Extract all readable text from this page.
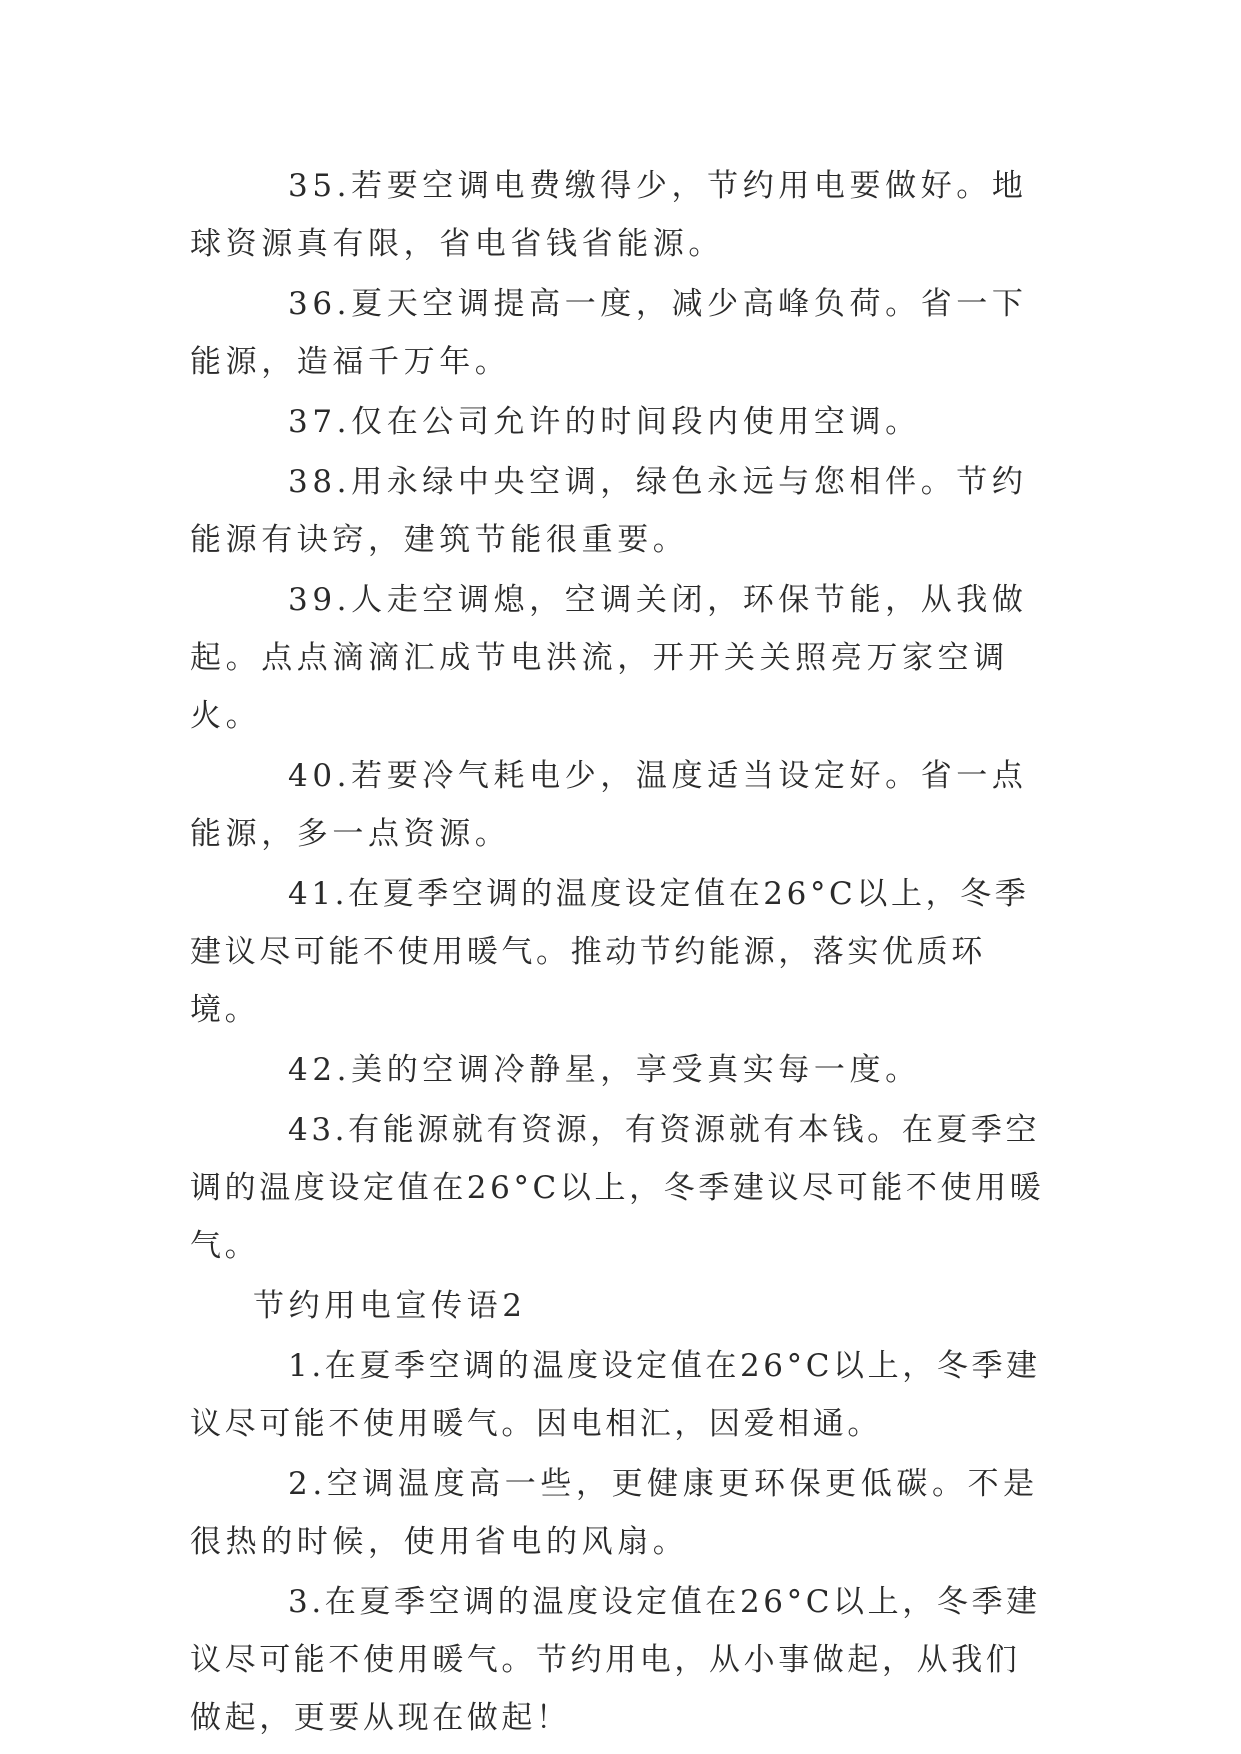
35.若要空调电费缴得少，节约用电要做好。地球资源真有限，省电省钱省能源。

36.夏天空调提高一度，减少高峰负荷。省一下能源，造福千万年。

37.仅在公司允许的时间段内使用空调。

38.用永绿中央空调，绿色永远与您相伴。节约能源有诀窍，建筑节能很重要。

39.人走空调熄，空调关闭，环保节能，从我做起。点点滴滴汇成节电洪流，开开关关照亮万家空调火。

40.若要冷气耗电少，温度适当设定好。省一点能源，多一点资源。

41.在夏季空调的温度设定值在26°C以上，冬季建议尽可能不使用暖气。推动节约能源，落实优质环境。

42.美的空调冷静星，享受真实每一度。

43.有能源就有资源，有资源就有本钱。在夏季空调的温度设定值在26°C以上，冬季建议尽可能不使用暖气。

节约用电宣传语2

1.在夏季空调的温度设定值在26°C以上，冬季建议尽可能不使用暖气。因电相汇，因爱相通。

2.空调温度高一些，更健康更环保更低碳。不是很热的时候，使用省电的风扇。

3.在夏季空调的温度设定值在26°C以上，冬季建议尽可能不使用暖气。节约用电，从小事做起，从我们做起，更要从现在做起！
